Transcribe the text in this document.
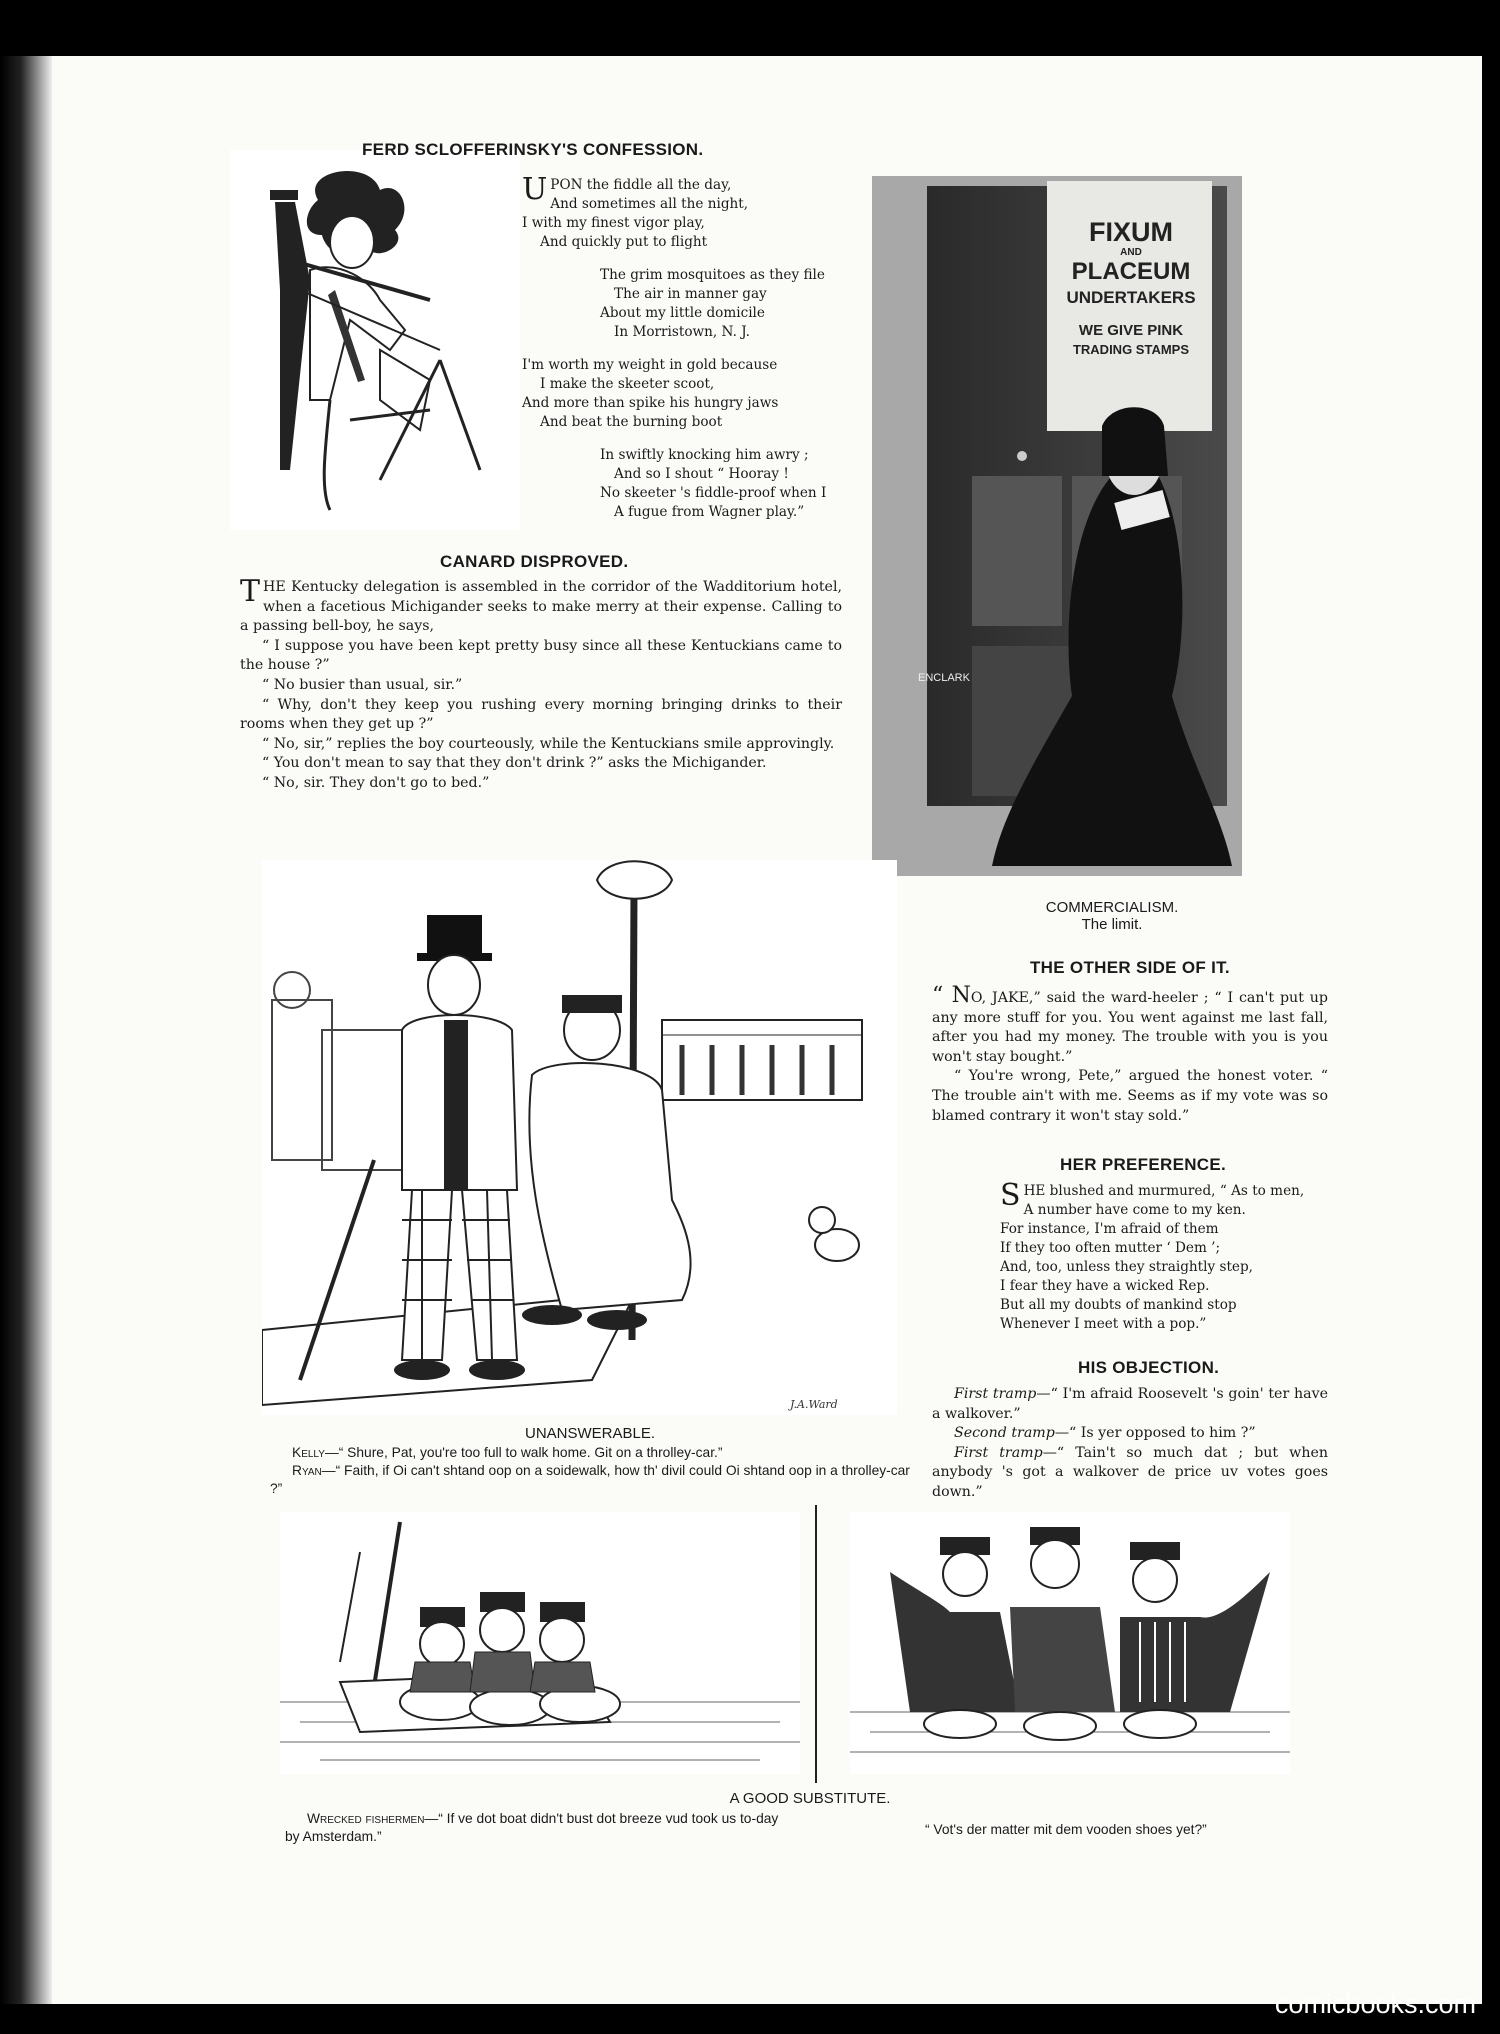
FERD SCLOFFERINSKY'S CONFESSION.

UPON the fiddle all the day,

And sometimes all the night,

I with my finest vigor play,

And quickly put to flight

The grim mosquitoes as they file

The air in manner gay

About my little domicile

In Morristown, N. J.

I'm worth my weight in gold because

I make the skeeter scoot,

And more than spike his hungry jaws

And beat the burning boot

In swiftly knocking him awry ;

And so I shout “ Hooray !

No skeeter 's fiddle-proof when I

A fugue from Wagner play.”

CANARD DISPROVED.

THE Kentucky delegation is assembled in the corridor of the Wadditorium hotel, when a facetious Michigander seeks to make merry at their expense. Calling to a passing bell-boy, he says,

“ I suppose you have been kept pretty busy since all these Kentuckians came to the house ?”

“ No busier than usual, sir.”

“ Why, don't they keep you rushing every morning bringing drinks to their rooms when they get up ?”

“ No, sir,” replies the boy courteously, while the Kentuckians smile approvingly.

“ You don't mean to say that they don't drink ?” asks the Michigander.

“ No, sir. They don't go to bed.”

FIXUM
AND
PLACEUM
UNDERTAKERS
WE GIVE PINK
TRADING STAMPS
ENCLARK
COMMERCIALISM.
The limit.
THE OTHER SIDE OF IT.

“ NO, JAKE,” said the ward-heeler ; “ I can't put up any more stuff for you. You went against me last fall, after you had my money. The trouble with you is you won't stay bought.”

“ You're wrong, Pete,” argued the honest voter. “ The trouble ain't with me. Seems as if my vote was so blamed contrary it won't stay sold.”

HER PREFERENCE.

SHE blushed and murmured, “ As to men,

A number have come to my ken.

For instance, I'm afraid of them

If they too often mutter ‘ Dem ’;

And, too, unless they straightly step,

I fear they have a wicked Rep.

But all my doubts of mankind stop

Whenever I meet with a pop.”

HIS OBJECTION.

First tramp—“ I'm afraid Roosevelt 's goin' ter have a walkover.”

Second tramp—“ Is yer opposed to him ?”

First tramp—“ Tain't so much dat ; but when anybody 's got a walkover de price uv votes goes down.”

J.A.Ward
UNANSWERABLE.
Kelly—“ Shure, Pat, you're too full to walk home. Git on a throlley-car.”
Ryan—“ Faith, if Oi can't shtand oop on a soidewalk, how th' divil could Oi shtand oop in a throlley-car ?”
A GOOD SUBSTITUTE.
Wrecked fishermen—“ If ve dot boat didn't bust dot breeze vud took us to-day by Amsterdam.”	“ Vot's der matter mit dem vooden shoes yet?”
comicbooks.com
